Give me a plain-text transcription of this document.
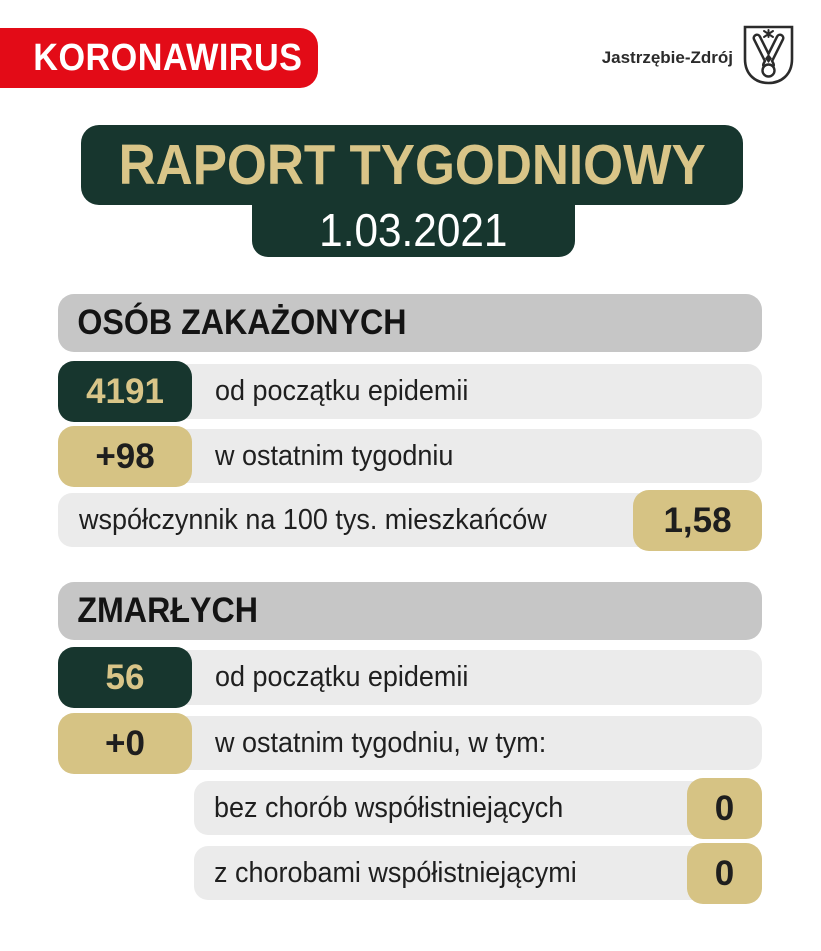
KORONAWIRUS	Jastrzębie-Zdrój
RAPORT TYGODNIOWY
1.03.2021
OSÓB ZAKAŻONYCH
4191 od początku epidemii
+98 w ostatnim tygodniu
współczynnik na 100 tys. mieszkańców	1,58
ZMARŁYCH
56 od początku epidemii
+0 w ostatnim tygodniu, w tym:
bez chorób współistniejących	0
z chorobami współistniejącymi	0
